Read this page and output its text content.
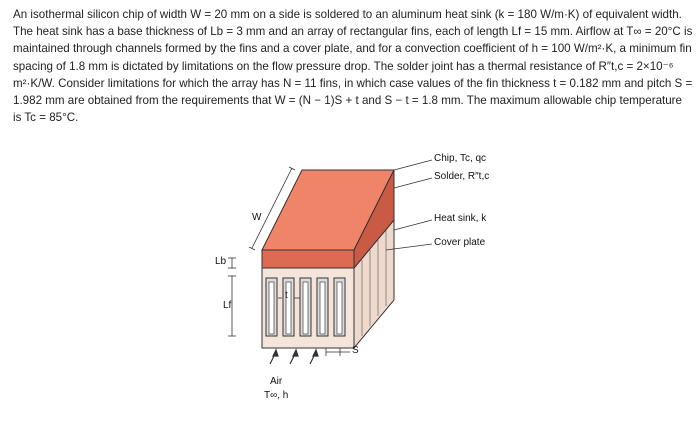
An isothermal silicon chip of width W = 20 mm on a side is soldered to an aluminum heat sink (k = 180 W/m·K) of equivalent width. The heat sink has a base thickness of Lb = 3 mm and an array of rectangular fins, each of length Lf = 15 mm. Airflow at T∞ = 20°C is maintained through channels formed by the fins and a cover plate, and for a convection coefficient of h = 100 W/m²·K, a minimum fin spacing of 1.8 mm is dictated by limitations on the flow pressure drop. The solder joint has a thermal resistance of R″t,c = 2×10⁻⁶ m²·K/W. Consider limitations for which the array has N = 11 fins, in which case values of the fin thickness t = 0.182 mm and pitch S = 1.982 mm are obtained from the requirements that W = (N − 1)S + t and S − t = 1.8 mm. The maximum allowable chip temperature is Tc = 85°C.

Chip, Tc, qc
Solder, R″t,c
Heat sink, k
Cover plate
W
Lb
Lf
t
S
Air
T∞, h
